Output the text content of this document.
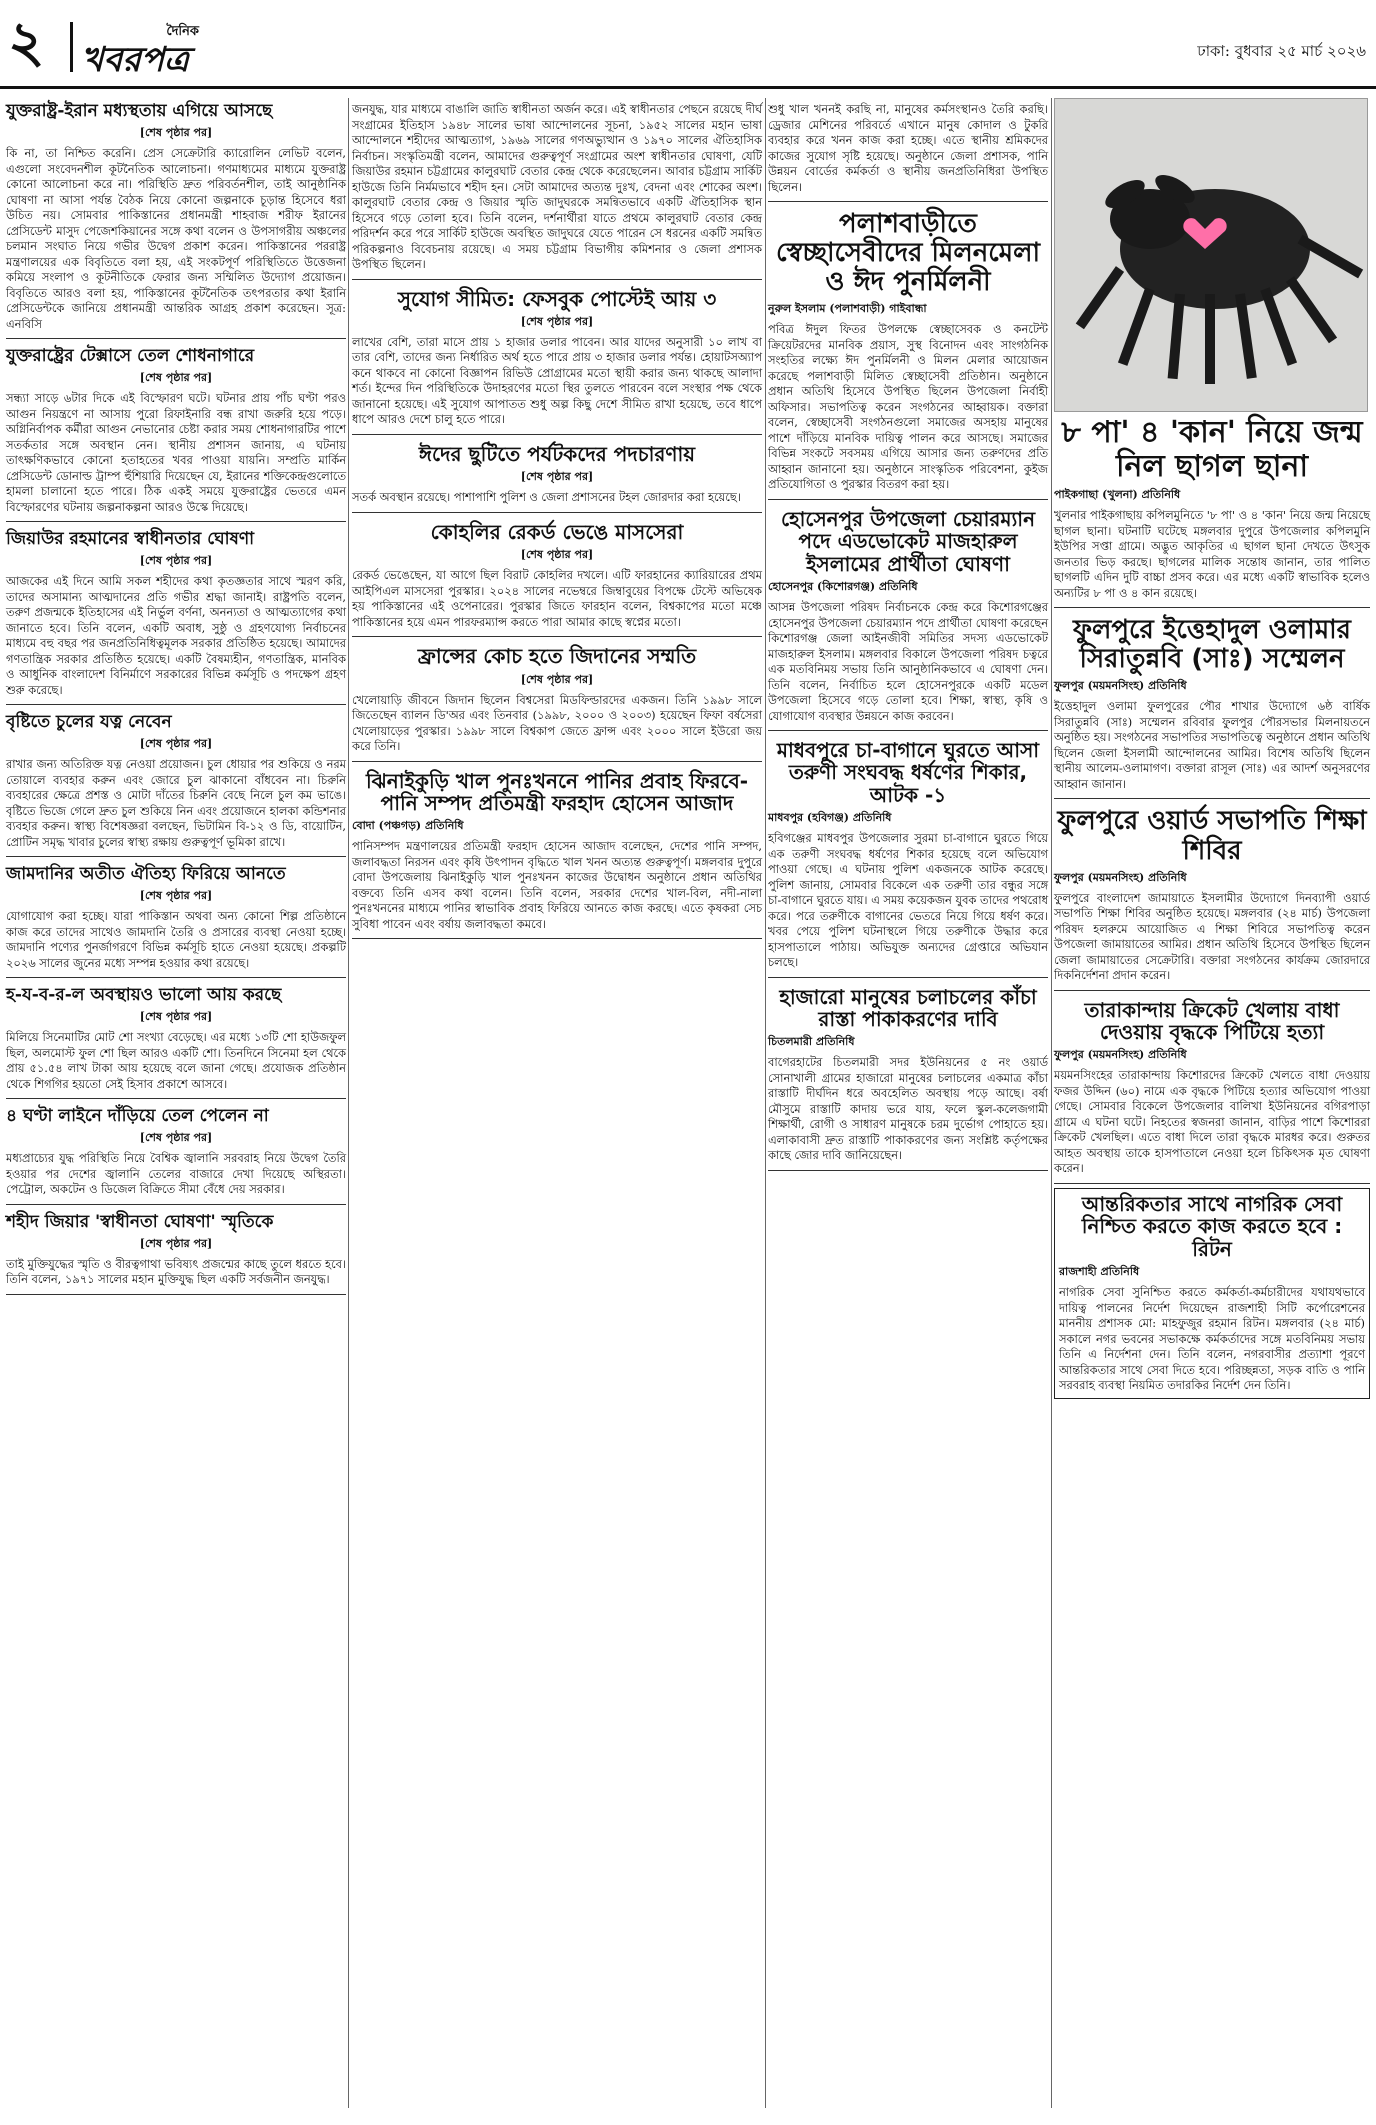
২	দৈনিক
খবরপত্র	ঢাকা: বুধবার ২৫ মার্চ ২০২৬
যুক্তরাষ্ট্র-ইরান মধ্যস্থতায় এগিয়ে আসছে
[শেষ পৃষ্ঠার পর]

কি না, তা নিশ্চিত করেনি। প্রেস সেক্রেটারি ক্যারোলিন লেভিট বলেন, এগুলো সংবেদনশীল কূটনৈতিক আলোচনা। গণমাধ্যমের মাধ্যমে যুক্তরাষ্ট্র কোনো আলোচনা করে না। পরিস্থিতি দ্রুত পরিবর্তনশীল, তাই আনুষ্ঠানিক ঘোষণা না আসা পর্যন্ত বৈঠক নিয়ে কোনো জল্পনাকে চূড়ান্ত হিসেবে ধরা উচিত নয়। সোমবার পাকিস্তানের প্রধানমন্ত্রী শাহবাজ শরীফ ইরানের প্রেসিডেন্ট মাসুদ পেজেশকিয়ানের সঙ্গে কথা বলেন ও উপসাগরীয় অঞ্চলের চলমান সংঘাত নিয়ে গভীর উদ্বেগ প্রকাশ করেন। পাকিস্তানের পররাষ্ট্র মন্ত্রণালয়ের এক বিবৃতিতে বলা হয়, এই সংকটপূর্ণ পরিস্থিতিতে উত্তেজনা কমিয়ে সংলাপ ও কূটনীতিকে ফেরার জন্য সম্মিলিত উদ্যোগ প্রয়োজন। বিবৃতিতে আরও বলা হয়, পাকিস্তানের কূটনৈতিক তৎপরতার কথা ইরানি প্রেসিডেন্টকে জানিয়ে প্রধানমন্ত্রী আন্তরিক আগ্রহ প্রকাশ করেছেন। সূত্র: এনবিসি

যুক্তরাষ্ট্রের টেক্সাসে তেল শোধনাগারে
[শেষ পৃষ্ঠার পর]

সন্ধ্যা সাড়ে ৬টার দিকে এই বিস্ফোরণ ঘটে। ঘটনার প্রায় পাঁচ ঘণ্টা পরও আগুন নিয়ন্ত্রণে না আসায় পুরো রিফাইনারি বন্ধ রাখা জরুরি হয়ে পড়ে। অগ্নিনির্বাপক কর্মীরা আগুন নেভানোর চেষ্টা করার সময় শোধনাগারটির পাশে সতর্কতার সঙ্গে অবস্থান নেন। স্থানীয় প্রশাসন জানায়, এ ঘটনায় তাৎক্ষণিকভাবে কোনো হতাহতের খবর পাওয়া যায়নি। সম্প্রতি মার্কিন প্রেসিডেন্ট ডোনাল্ড ট্রাম্প হুঁশিয়ারি দিয়েছেন যে, ইরানের শক্তিকেন্দ্রগুলোতে হামলা চালানো হতে পারে। ঠিক একই সময়ে যুক্তরাষ্ট্রের ভেতরে এমন বিস্ফোরণের ঘটনায় জল্পনাকল্পনা আরও উস্কে দিয়েছে।

জিয়াউর রহমানের স্বাধীনতার ঘোষণা
[শেষ পৃষ্ঠার পর]

আজকের এই দিনে আমি সকল শহীদের কথা কৃতজ্ঞতার সাথে স্মরণ করি, তাদের অসামান্য আত্মদানের প্রতি গভীর শ্রদ্ধা জানাই। রাষ্ট্রপতি বলেন, তরুণ প্রজন্মকে ইতিহাসের এই নির্ভুল বর্ণনা, অনন্যতা ও আত্মত্যাগের কথা জানাতে হবে। তিনি বলেন, একটি অবাধ, সুষ্ঠু ও গ্রহণযোগ্য নির্বাচনের মাধ্যমে বহু বছর পর জনপ্রতিনিধিত্বমূলক সরকার প্রতিষ্ঠিত হয়েছে। আমাদের গণতান্ত্রিক সরকার প্রতিষ্ঠিত হয়েছে। একটি বৈষম্যহীন, গণতান্ত্রিক, মানবিক ও আধুনিক বাংলাদেশ বিনির্মাণে সরকারের বিভিন্ন কর্মসূচি ও পদক্ষেপ গ্রহণ শুরু করেছে।

বৃষ্টিতে চুলের যত্ন নেবেন
[শেষ পৃষ্ঠার পর]

রাখার জন্য অতিরিক্ত যত্ন নেওয়া প্রয়োজন। চুল ধোয়ার পর শুকিয়ে ও নরম তোয়ালে ব্যবহার করুন এবং জোরে চুল ঝাকানো বাঁধবেন না। চিরুনি ব্যবহারের ক্ষেত্রে প্রশস্ত ও মোটা দাঁতের চিরুনি বেছে নিলে চুল কম ভাঙে। বৃষ্টিতে ভিজে গেলে দ্রুত চুল শুকিয়ে নিন এবং প্রয়োজনে হালকা কন্ডিশনার ব্যবহার করুন। স্বাস্থ্য বিশেষজ্ঞরা বলছেন, ভিটামিন বি-১২ ও ডি, বায়োটিন, প্রোটিন সমৃদ্ধ খাবার চুলের স্বাস্থ্য রক্ষায় গুরুত্বপূর্ণ ভূমিকা রাখে।

জামদানির অতীত ঐতিহ্য ফিরিয়ে আনতে
[শেষ পৃষ্ঠার পর]

যোগাযোগ করা হচ্ছে। যারা পাকিস্তান অথবা অন্য কোনো শিল্প প্রতিষ্ঠানে কাজ করে তাদের সাথেও জামদানি তৈরি ও প্রসারের ব্যবস্থা নেওয়া হচ্ছে। জামদানি পণ্যের পুনর্জাগরণে বিভিন্ন কর্মসূচি হাতে নেওয়া হয়েছে। প্রকল্পটি ২০২৬ সালের জুনের মধ্যে সম্পন্ন হওয়ার কথা রয়েছে।

হ-য-ব-র-ল অবস্থায়ও ভালো আয় করছে
[শেষ পৃষ্ঠার পর]

মিলিয়ে সিনেমাটির মোট শো সংখ্যা বেড়েছে। এর মধ্যে ১৩টি শো হাউজফুল ছিল, অলমোস্ট ফুল শো ছিল আরও একটি শো। তিনদিনে সিনেমা হল থেকে প্রায় ৫১.৫৪ লাখ টাকা আয় হয়েছে বলে জানা গেছে। প্রযোজক প্রতিষ্ঠান থেকে শিগগির হয়তো সেই হিসাব প্রকাশে আসবে।

৪ ঘণ্টা লাইনে দাঁড়িয়ে তেল পেলেন না
[শেষ পৃষ্ঠার পর]

মধ্যপ্রাচ্যের যুদ্ধ পরিস্থিতি নিয়ে বৈশ্বিক জ্বালানি সরবরাহ নিয়ে উদ্বেগ তৈরি হওয়ার পর দেশের জ্বালানি তেলের বাজারে দেখা দিয়েছে অস্থিরতা। পেট্রোল, অকটেন ও ডিজেল বিক্রিতে সীমা বেঁধে দেয় সরকার।

শহীদ জিয়ার 'স্বাধীনতা ঘোষণা' স্মৃতিকে
[শেষ পৃষ্ঠার পর]

তাই মুক্তিযুদ্ধের স্মৃতি ও বীরত্বগাথা ভবিষ্যৎ প্রজন্মের কাছে তুলে ধরতে হবে। তিনি বলেন, ১৯৭১ সালের মহান মুক্তিযুদ্ধ ছিল একটি সর্বজনীন জনযুদ্ধ।

জনযুদ্ধ, যার মাধ্যমে বাঙালি জাতি স্বাধীনতা অর্জন করে। এই স্বাধীনতার পেছনে রয়েছে দীর্ঘ সংগ্রামের ইতিহাস ১৯৪৮ সালের ভাষা আন্দোলনের সূচনা, ১৯৫২ সালের মহান ভাষা আন্দোলনে শহীদের আত্মত্যাগ, ১৯৬৯ সালের গণঅভ্যুত্থান ও ১৯৭০ সালের ঐতিহাসিক নির্বাচন। সংস্কৃতিমন্ত্রী বলেন, আমাদের গুরুত্বপূর্ণ সংগ্রামের অংশ স্বাধীনতার ঘোষণা, যেটি জিয়াউর রহমান চট্টগ্রামের কালুরঘাট বেতার কেন্দ্র থেকে করেছেলেন। আবার চট্টগ্রাম সার্কিট হাউজে তিনি নির্মমভাবে শহীদ হন। সেটা আমাদের অত্যন্ত দুঃখ, বেদনা এবং শোকের অংশ। কালুরঘাট বেতার কেন্দ্র ও জিয়ার স্মৃতি জাদুঘরকে সমন্বিতভাবে একটি ঐতিহাসিক স্থান হিসেবে গড়ে তোলা হবে। তিনি বলেন, দর্শনার্থীরা যাতে প্রথমে কালুরঘাট বেতার কেন্দ্র পরিদর্শন করে পরে সার্কিট হাউজে অবস্থিত জাদুঘরে যেতে পারেন সে ধরনের একটি সমন্বিত পরিকল্পনাও বিবেচনায় রয়েছে। এ সময় চট্টগ্রাম বিভাগীয় কমিশনার ও জেলা প্রশাসক উপস্থিত ছিলেন।

সুযোগ সীমিত: ফেসবুক পোস্টেই আয় ৩
[শেষ পৃষ্ঠার পর]

লাখের বেশি, তারা মাসে প্রায় ১ হাজার ডলার পাবেন। আর যাদের অনুসারী ১০ লাখ বা তার বেশি, তাদের জন্য নির্ধারিত অর্থ হতে পারে প্রায় ৩ হাজার ডলার পর্যন্ত। হোয়াটসঅ্যাপ কনে থাকবে না কোনো বিজ্ঞাপন রিভিউ প্রোগ্রামের মতো স্থায়ী করার জন্য থাকছে আলাদা শর্ত। ইন্দের দিন পরিস্থিতিকে উদাহরণের মতো স্থির তুলতে পারবেন বলে সংস্থার পক্ষ থেকে জানানো হয়েছে। এই সুযোগ আপাতত শুধু অল্প কিছু দেশে সীমিত রাখা হয়েছে, তবে ধাপে ধাপে আরও দেশে চালু হতে পারে।

ঈদের ছুটিতে পর্যটকদের পদচারণায়
[শেষ পৃষ্ঠার পর]

সতর্ক অবস্থান রয়েছে। পাশাপাশি পুলিশ ও জেলা প্রশাসনের টহল জোরদার করা হয়েছে।

কোহলির রেকর্ড ভেঙে মাসসেরা
[শেষ পৃষ্ঠার পর]

রেকর্ড ভেঙেছেন, যা আগে ছিল বিরাট কোহলির দখলে। এটি ফারহানের ক্যারিয়ারের প্রথম আইপিএল মাসসেরা পুরস্কার। ২০২৪ সালের নভেম্বরে জিম্বাবুয়ের বিপক্ষে টেস্টে অভিষেক হয় পাকিস্তানের এই ওপেনারের। পুরস্কার জিতে ফারহান বলেন, বিশ্বকাপের মতো মঞ্চে পাকিস্তানের হয়ে এমন পারফরম্যান্স করতে পারা আমার কাছে স্বপ্নের মতো।

ফ্রান্সের কোচ হতে জিদানের সম্মতি
[শেষ পৃষ্ঠার পর]

খেলোয়াড়ি জীবনে জিদান ছিলেন বিশ্বসেরা মিডফিল্ডারদের একজন। তিনি ১৯৯৮ সালে জিতেছেন ব্যালন ডি'অর এবং তিনবার (১৯৯৮, ২০০০ ও ২০০৩) হয়েছেন ফিফা বর্ষসেরা খেলোয়াড়ের পুরস্কার। ১৯৯৮ সালে বিশ্বকাপ জেতে ফ্রান্স এবং ২০০০ সালে ইউরো জয় করে তিনি।

ঝিনাইকুড়ি খাল পুনঃখননে পানির প্রবাহ ফিরবে-পানি সম্পদ প্রতিমন্ত্রী ফরহাদ হোসেন আজাদ
বোদা (পঞ্চগড়) প্রতিনিধি

পানিসম্পদ মন্ত্রণালয়ের প্রতিমন্ত্রী ফরহাদ হোসেন আজাদ বলেছেন, দেশের পানি সম্পদ, জলাবদ্ধতা নিরসন এবং কৃষি উৎপাদন বৃদ্ধিতে খাল খনন অত্যন্ত গুরুত্বপূর্ণ। মঙ্গলবার দুপুরে বোদা উপজেলায় ঝিনাইকুড়ি খাল পুনঃখনন কাজের উদ্বোধন অনুষ্ঠানে প্রধান অতিথির বক্তব্যে তিনি এসব কথা বলেন। তিনি বলেন, সরকার দেশের খাল-বিল, নদী-নালা পুনঃখননের মাধ্যমে পানির স্বাভাবিক প্রবাহ ফিরিয়ে আনতে কাজ করছে। এতে কৃষকরা সেচ সুবিধা পাবেন এবং বর্ষায় জলাবদ্ধতা কমবে।

শুধু খাল খননই করছি না, মানুষের কর্মসংস্থানও তৈরি করছি। ড্রেজার মেশিনের পরিবর্তে এখানে মানুষ কোদাল ও টুকরি ব্যবহার করে খনন কাজ করা হচ্ছে। এতে স্থানীয় শ্রমিকদের কাজের সুযোগ সৃষ্টি হয়েছে। অনুষ্ঠানে জেলা প্রশাসক, পানি উন্নয়ন বোর্ডের কর্মকর্তা ও স্থানীয় জনপ্রতিনিধিরা উপস্থিত ছিলেন।

পলাশবাড়ীতে স্বেচ্ছাসেবীদের মিলনমেলা ও ঈদ পুনর্মিলনী
নুরুল ইসলাম (পলাশবাড়ী) গাইবান্ধা

পবিত্র ঈদুল ফিতর উপলক্ষে স্বেচ্ছাসেবক ও কনটেন্ট ক্রিয়েটরদের মানবিক প্রয়াস, সুস্থ বিনোদন এবং সাংগঠনিক সংহতির লক্ষ্যে ঈদ পুনর্মিলনী ও মিলন মেলার আয়োজন করেছে পলাশবাড়ী মিলিত স্বেচ্ছাসেবী প্রতিষ্ঠান। অনুষ্ঠানে প্রধান অতিথি হিসেবে উপস্থিত ছিলেন উপজেলা নির্বাহী অফিসার। সভাপতিত্ব করেন সংগঠনের আহ্বায়ক। বক্তারা বলেন, স্বেচ্ছাসেবী সংগঠনগুলো সমাজের অসহায় মানুষের পাশে দাঁড়িয়ে মানবিক দায়িত্ব পালন করে আসছে। সমাজের বিভিন্ন সংকটে সবসময় এগিয়ে আসার জন্য তরুণদের প্রতি আহ্বান জানানো হয়। অনুষ্ঠানে সাংস্কৃতিক পরিবেশনা, কুইজ প্রতিযোগিতা ও পুরস্কার বিতরণ করা হয়।

হোসেনপুর উপজেলা চেয়ারম্যান পদে এডভোকেট মাজহারুল ইসলামের প্রার্থীতা ঘোষণা
হোসেনপুর (কিশোরগঞ্জ) প্রতিনিধি

আসন্ন উপজেলা পরিষদ নির্বাচনকে কেন্দ্র করে কিশোরগঞ্জের হোসেনপুর উপজেলা চেয়ারম্যান পদে প্রার্থীতা ঘোষণা করেছেন কিশোরগঞ্জ জেলা আইনজীবী সমিতির সদস্য এডভোকেট মাজহারুল ইসলাম। মঙ্গলবার বিকালে উপজেলা পরিষদ চত্বরে এক মতবিনিময় সভায় তিনি আনুষ্ঠানিকভাবে এ ঘোষণা দেন। তিনি বলেন, নির্বাচিত হলে হোসেনপুরকে একটি মডেল উপজেলা হিসেবে গড়ে তোলা হবে। শিক্ষা, স্বাস্থ্য, কৃষি ও যোগাযোগ ব্যবস্থার উন্নয়নে কাজ করবেন।

মাধবপুরে চা-বাগানে ঘুরতে আসা তরুণী সংঘবদ্ধ ধর্ষণের শিকার, আটক -১
মাধবপুর (হবিগঞ্জ) প্রতিনিধি

হবিগঞ্জের মাধবপুর উপজেলার সুরমা চা-বাগানে ঘুরতে গিয়ে এক তরুণী সংঘবদ্ধ ধর্ষণের শিকার হয়েছে বলে অভিযোগ পাওয়া গেছে। এ ঘটনায় পুলিশ একজনকে আটক করেছে। পুলিশ জানায়, সোমবার বিকেলে এক তরুণী তার বন্ধুর সঙ্গে চা-বাগানে ঘুরতে যায়। এ সময় কয়েকজন যুবক তাদের পথরোধ করে। পরে তরুণীকে বাগানের ভেতরে নিয়ে গিয়ে ধর্ষণ করে। খবর পেয়ে পুলিশ ঘটনাস্থলে গিয়ে তরুণীকে উদ্ধার করে হাসপাতালে পাঠায়। অভিযুক্ত অন্যদের গ্রেপ্তারে অভিযান চলছে।

হাজারো মানুষের চলাচলের কাঁচা রাস্তা পাকাকরণের দাবি
চিতলমারী প্রতিনিধি

বাগেরহাটের চিতলমারী সদর ইউনিয়নের ৫ নং ওয়ার্ড সোনাখালী গ্রামের হাজারো মানুষের চলাচলের একমাত্র কাঁচা রাস্তাটি দীর্ঘদিন ধরে অবহেলিত অবস্থায় পড়ে আছে। বর্ষা মৌসুমে রাস্তাটি কাদায় ভরে যায়, ফলে স্কুল-কলেজগামী শিক্ষার্থী, রোগী ও সাধারণ মানুষকে চরম দুর্ভোগ পোহাতে হয়। এলাকাবাসী দ্রুত রাস্তাটি পাকাকরণের জন্য সংশ্লিষ্ট কর্তৃপক্ষের কাছে জোর দাবি জানিয়েছেন।

৮ পা' ৪ 'কান' নিয়ে জন্ম নিল ছাগল ছানা
পাইকগাছা (খুলনা) প্রতিনিধি

খুলনার পাইকগাছায় কপিলমুনিতে '৮ পা' ও ৪ 'কান' নিয়ে জন্ম নিয়েছে ছাগল ছানা। ঘটনাটি ঘটেছে মঙ্গলবার দুপুরে উপজেলার কপিলমুনি ইউপির সপ্তা গ্রামে। অদ্ভুত আকৃতির এ ছাগল ছানা দেখতে উৎসুক জনতার ভিড় করছে। ছাগলের মালিক সন্তোষ জানান, তার পালিত ছাগলটি এদিন দুটি বাচ্চা প্রসব করে। এর মধ্যে একটি স্বাভাবিক হলেও অন্যটির ৮ পা ও ৪ কান রয়েছে।

ফুলপুরে ইত্তেহাদুল ওলামার সিরাতুন্নবি (সাঃ) সম্মেলন
ফুলপুর (ময়মনসিংহ) প্রতিনিধি

ইত্তেহাদুল ওলামা ফুলপুরের পৌর শাখার উদ্যোগে ৬ষ্ঠ বার্ষিক সিরাতুন্নবি (সাঃ) সম্মেলন রবিবার ফুলপুর পৌরসভার মিলনায়তনে অনুষ্ঠিত হয়। সংগঠনের সভাপতির সভাপতিত্বে অনুষ্ঠানে প্রধান অতিথি ছিলেন জেলা ইসলামী আন্দোলনের আমির। বিশেষ অতিথি ছিলেন স্থানীয় আলেম-ওলামাগণ। বক্তারা রাসূল (সাঃ) এর আদর্শ অনুসরণের আহ্বান জানান।

ফুলপুরে ওয়ার্ড সভাপতি শিক্ষা শিবির
ফুলপুর (ময়মনসিংহ) প্রতিনিধি

ফুলপুরে বাংলাদেশ জামায়াতে ইসলামীর উদ্যোগে দিনব্যাপী ওয়ার্ড সভাপতি শিক্ষা শিবির অনুষ্ঠিত হয়েছে। মঙ্গলবার (২৪ মার্চ) উপজেলা পরিষদ হলরুমে আয়োজিত এ শিক্ষা শিবিরে সভাপতিত্ব করেন উপজেলা জামায়াতের আমির। প্রধান অতিথি হিসেবে উপস্থিত ছিলেন জেলা জামায়াতের সেক্রেটারি। বক্তারা সংগঠনের কার্যক্রম জোরদারে দিকনির্দেশনা প্রদান করেন।

তারাকান্দায় ক্রিকেট খেলায় বাধা দেওয়ায় বৃদ্ধকে পিটিয়ে হত্যা
ফুলপুর (ময়মনসিংহ) প্রতিনিধি

ময়মনসিংহের তারাকান্দায় কিশোরদের ক্রিকেট খেলতে বাধা দেওয়ায় ফজর উদ্দিন (৬০) নামে এক বৃদ্ধকে পিটিয়ে হত্যার অভিযোগ পাওয়া গেছে। সোমবার বিকেলে উপজেলার বালিখা ইউনিয়নের বগিরপাড়া গ্রামে এ ঘটনা ঘটে। নিহতের স্বজনরা জানান, বাড়ির পাশে কিশোররা ক্রিকেট খেলছিল। এতে বাধা দিলে তারা বৃদ্ধকে মারধর করে। গুরুতর আহত অবস্থায় তাকে হাসপাতালে নেওয়া হলে চিকিৎসক মৃত ঘোষণা করেন।

আন্তরিকতার সাথে নাগরিক সেবা নিশ্চিত করতে কাজ করতে হবে : রিটন
রাজশাহী প্রতিনিধি

নাগরিক সেবা সুনিশ্চিত করতে কর্মকর্তা-কর্মচারীদের যথাযথভাবে দায়িত্ব পালনের নির্দেশ দিয়েছেন রাজশাহী সিটি কর্পোরেশনের মাননীয় প্রশাসক মো: মাহফুজুর রহমান রিটন। মঙ্গলবার (২৪ মার্চ) সকালে নগর ভবনের সভাকক্ষে কর্মকর্তাদের সঙ্গে মতবিনিময় সভায় তিনি এ নির্দেশনা দেন। তিনি বলেন, নগরবাসীর প্রত্যাশা পূরণে আন্তরিকতার সাথে সেবা দিতে হবে। পরিচ্ছন্নতা, সড়ক বাতি ও পানি সরবরাহ ব্যবস্থা নিয়মিত তদারকির নির্দেশ দেন তিনি।
